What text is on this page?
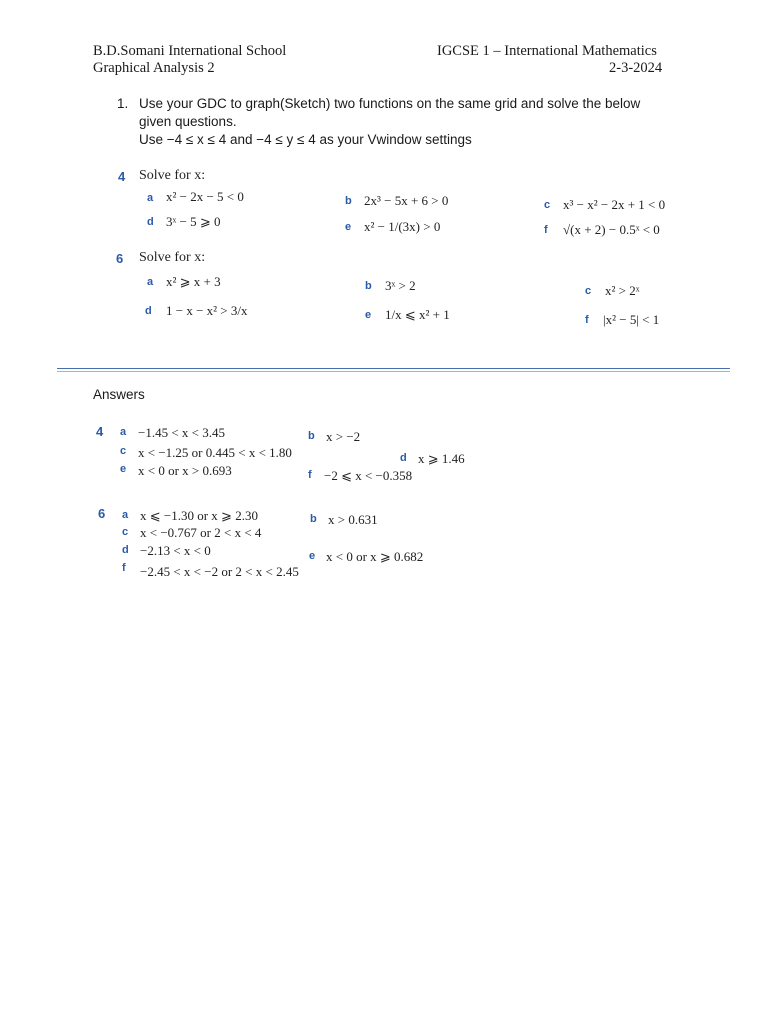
B.D.Somani International School	IGCSE 1 – International Mathematics
Graphical Analysis 2	2-3-2024
1. Use your GDC to graph(Sketch) two functions on the same grid and solve the below
given questions.
Use −4 ≤ x ≤ 4 and −4 ≤ y ≤ 4 as your Vwindow settings
4 Solve for x:
a x² − 2x − 5 < 0	b 2x³ − 5x + 6 > 0	c x³ − x² − 2x + 1 < 0
d 3ˣ − 5 ⩾ 0	e x² − 1/(3x) > 0	f √(x + 2) − 0.5ˣ < 0
6 Solve for x:
a x² ⩾ x + 3	b 3ˣ > 2	c x² > 2ˣ
d 1 − x − x² > 3/x	e 1/x ⩽ x² + 1	f |x² − 5| < 1
Answers
4 a −1.45 < x < 3.45	b x > −2
c x < −1.25 or 0.445 < x < 1.80	d x ⩾ 1.46
e x < 0 or x > 0.693	f −2 ⩽ x < −0.358
6 a x ⩽ −1.30 or x ⩾ 2.30	b x > 0.631
c x < −0.767 or 2 < x < 4
d −2.13 < x < 0	e x < 0 or x ⩾ 0.682
f −2.45 < x < −2 or 2 < x < 2.45
